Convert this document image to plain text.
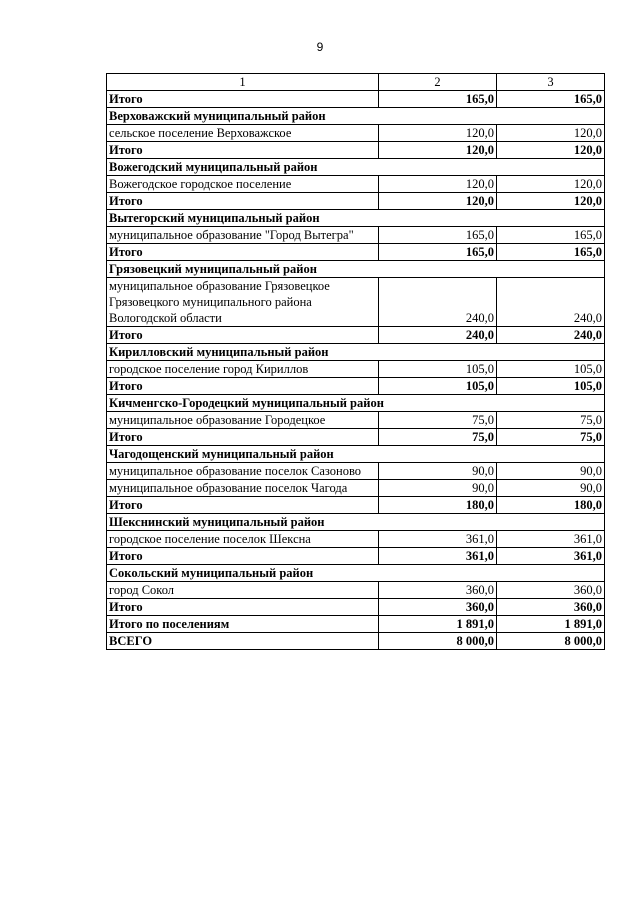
9
1	2	3
Итого	165,0	165,0
Верховажский муниципальный район		
сельское поселение Верховажское	120,0	120,0
Итого	120,0	120,0
Вожегодский муниципальный район		
Вожегодское городское поселение	120,0	120,0
Итого	120,0	120,0
Вытегорский муниципальный район		
муниципальное образование "Город Вытегра"	165,0	165,0
Итого	165,0	165,0
Грязовецкий муниципальный район		
муниципальное образование Грязовецкое Грязовецкого муниципального района Вологодской области	240,0	240,0
Итого	240,0	240,0
Кирилловский муниципальный район		
городское поселение город Кириллов	105,0	105,0
Итого	105,0	105,0
Кичменгско-Городецкий муниципальный район		
муниципальное образование Городецкое	75,0	75,0
Итого	75,0	75,0
Чагодощенский муниципальный район		
муниципальное образование поселок Сазоново	90,0	90,0
муниципальное образование поселок Чагода	90,0	90,0
Итого	180,0	180,0
Шекснинский муниципальный район		
городское поселение поселок Шексна	361,0	361,0
Итого	361,0	361,0
Сокольский муниципальный район		
город Сокол	360,0	360,0
Итого	360,0	360,0
Итого по поселениям	1 891,0	1 891,0
ВСЕГО	8 000,0	8 000,0
